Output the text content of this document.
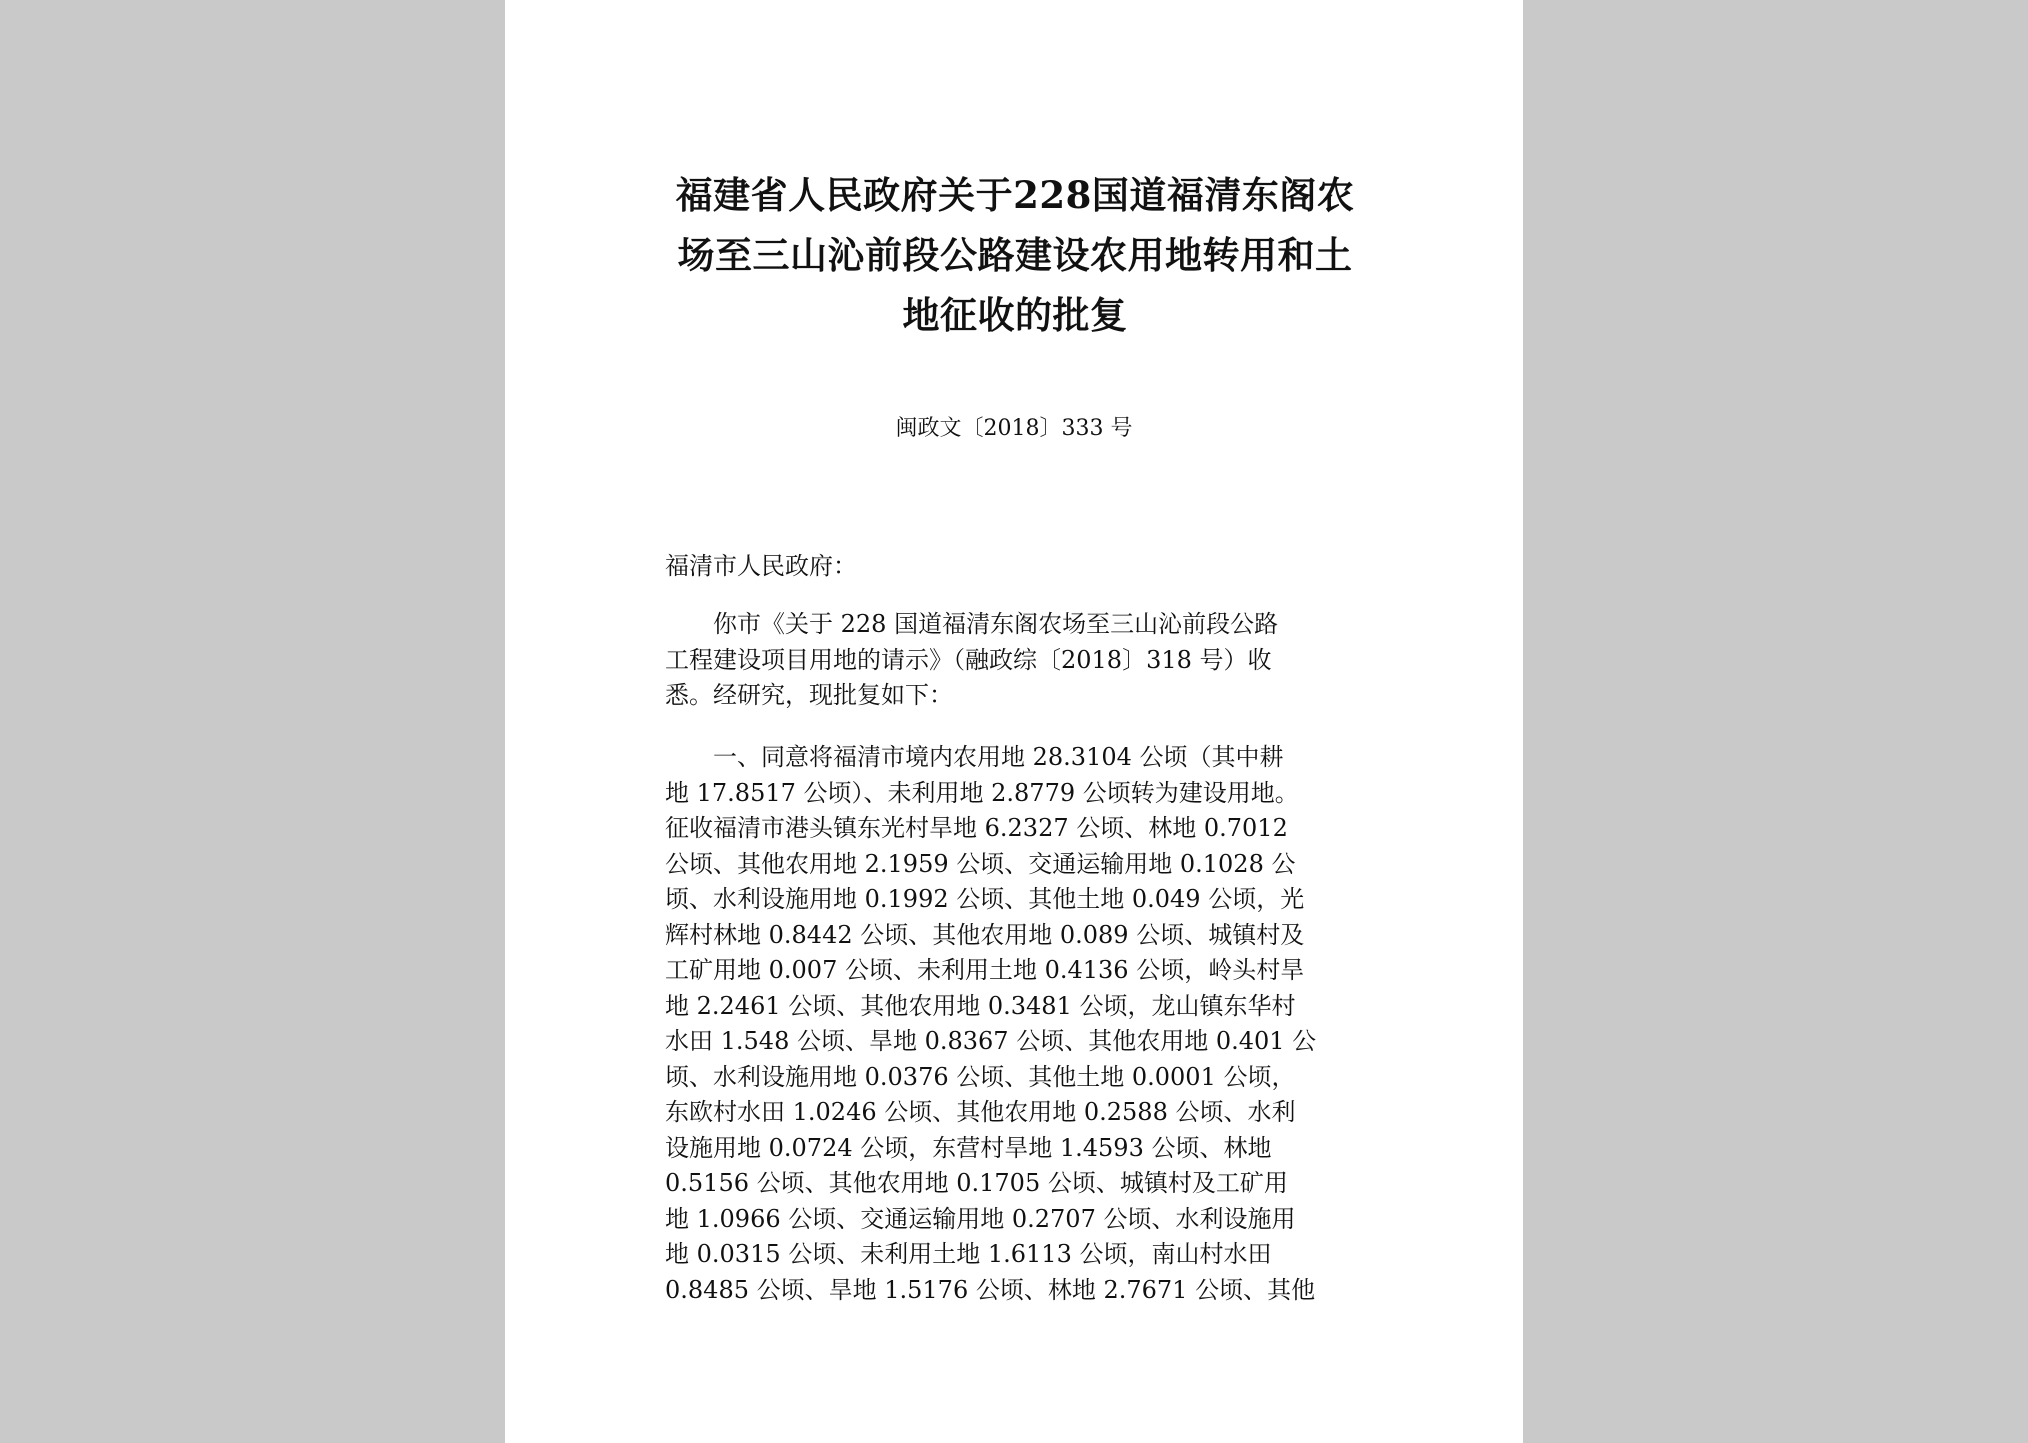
福建省人民政府关于228国道福清东阁农
场至三山沁前段公路建设农用地转用和土
地征收的批复
闽政文〔2018〕333 号
福清市人民政府：
　　你市《关于 228 国道福清东阁农场至三山沁前段公路
工程建设项目用地的请示》（融政综〔2018〕318 号）收
悉。经研究，现批复如下：
　　一、同意将福清市境内农用地 28.3104 公顷（其中耕
地 17.8517 公顷）、未利用地 2.8779 公顷转为建设用地。
征收福清市港头镇东光村旱地 6.2327 公顷、林地 0.7012
公顷、其他农用地 2.1959 公顷、交通运输用地 0.1028 公
顷、水利设施用地 0.1992 公顷、其他土地 0.049 公顷，光
辉村林地 0.8442 公顷、其他农用地 0.089 公顷、城镇村及
工矿用地 0.007 公顷、未利用土地 0.4136 公顷，岭头村旱
地 2.2461 公顷、其他农用地 0.3481 公顷，龙山镇东华村
水田 1.548 公顷、旱地 0.8367 公顷、其他农用地 0.401 公
顷、水利设施用地 0.0376 公顷、其他土地 0.0001 公顷，
东欧村水田 1.0246 公顷、其他农用地 0.2588 公顷、水利
设施用地 0.0724 公顷，东营村旱地 1.4593 公顷、林地
0.5156 公顷、其他农用地 0.1705 公顷、城镇村及工矿用
地 1.0966 公顷、交通运输用地 0.2707 公顷、水利设施用
地 0.0315 公顷、未利用土地 1.6113 公顷，南山村水田
0.8485 公顷、旱地 1.5176 公顷、林地 2.7671 公顷、其他
